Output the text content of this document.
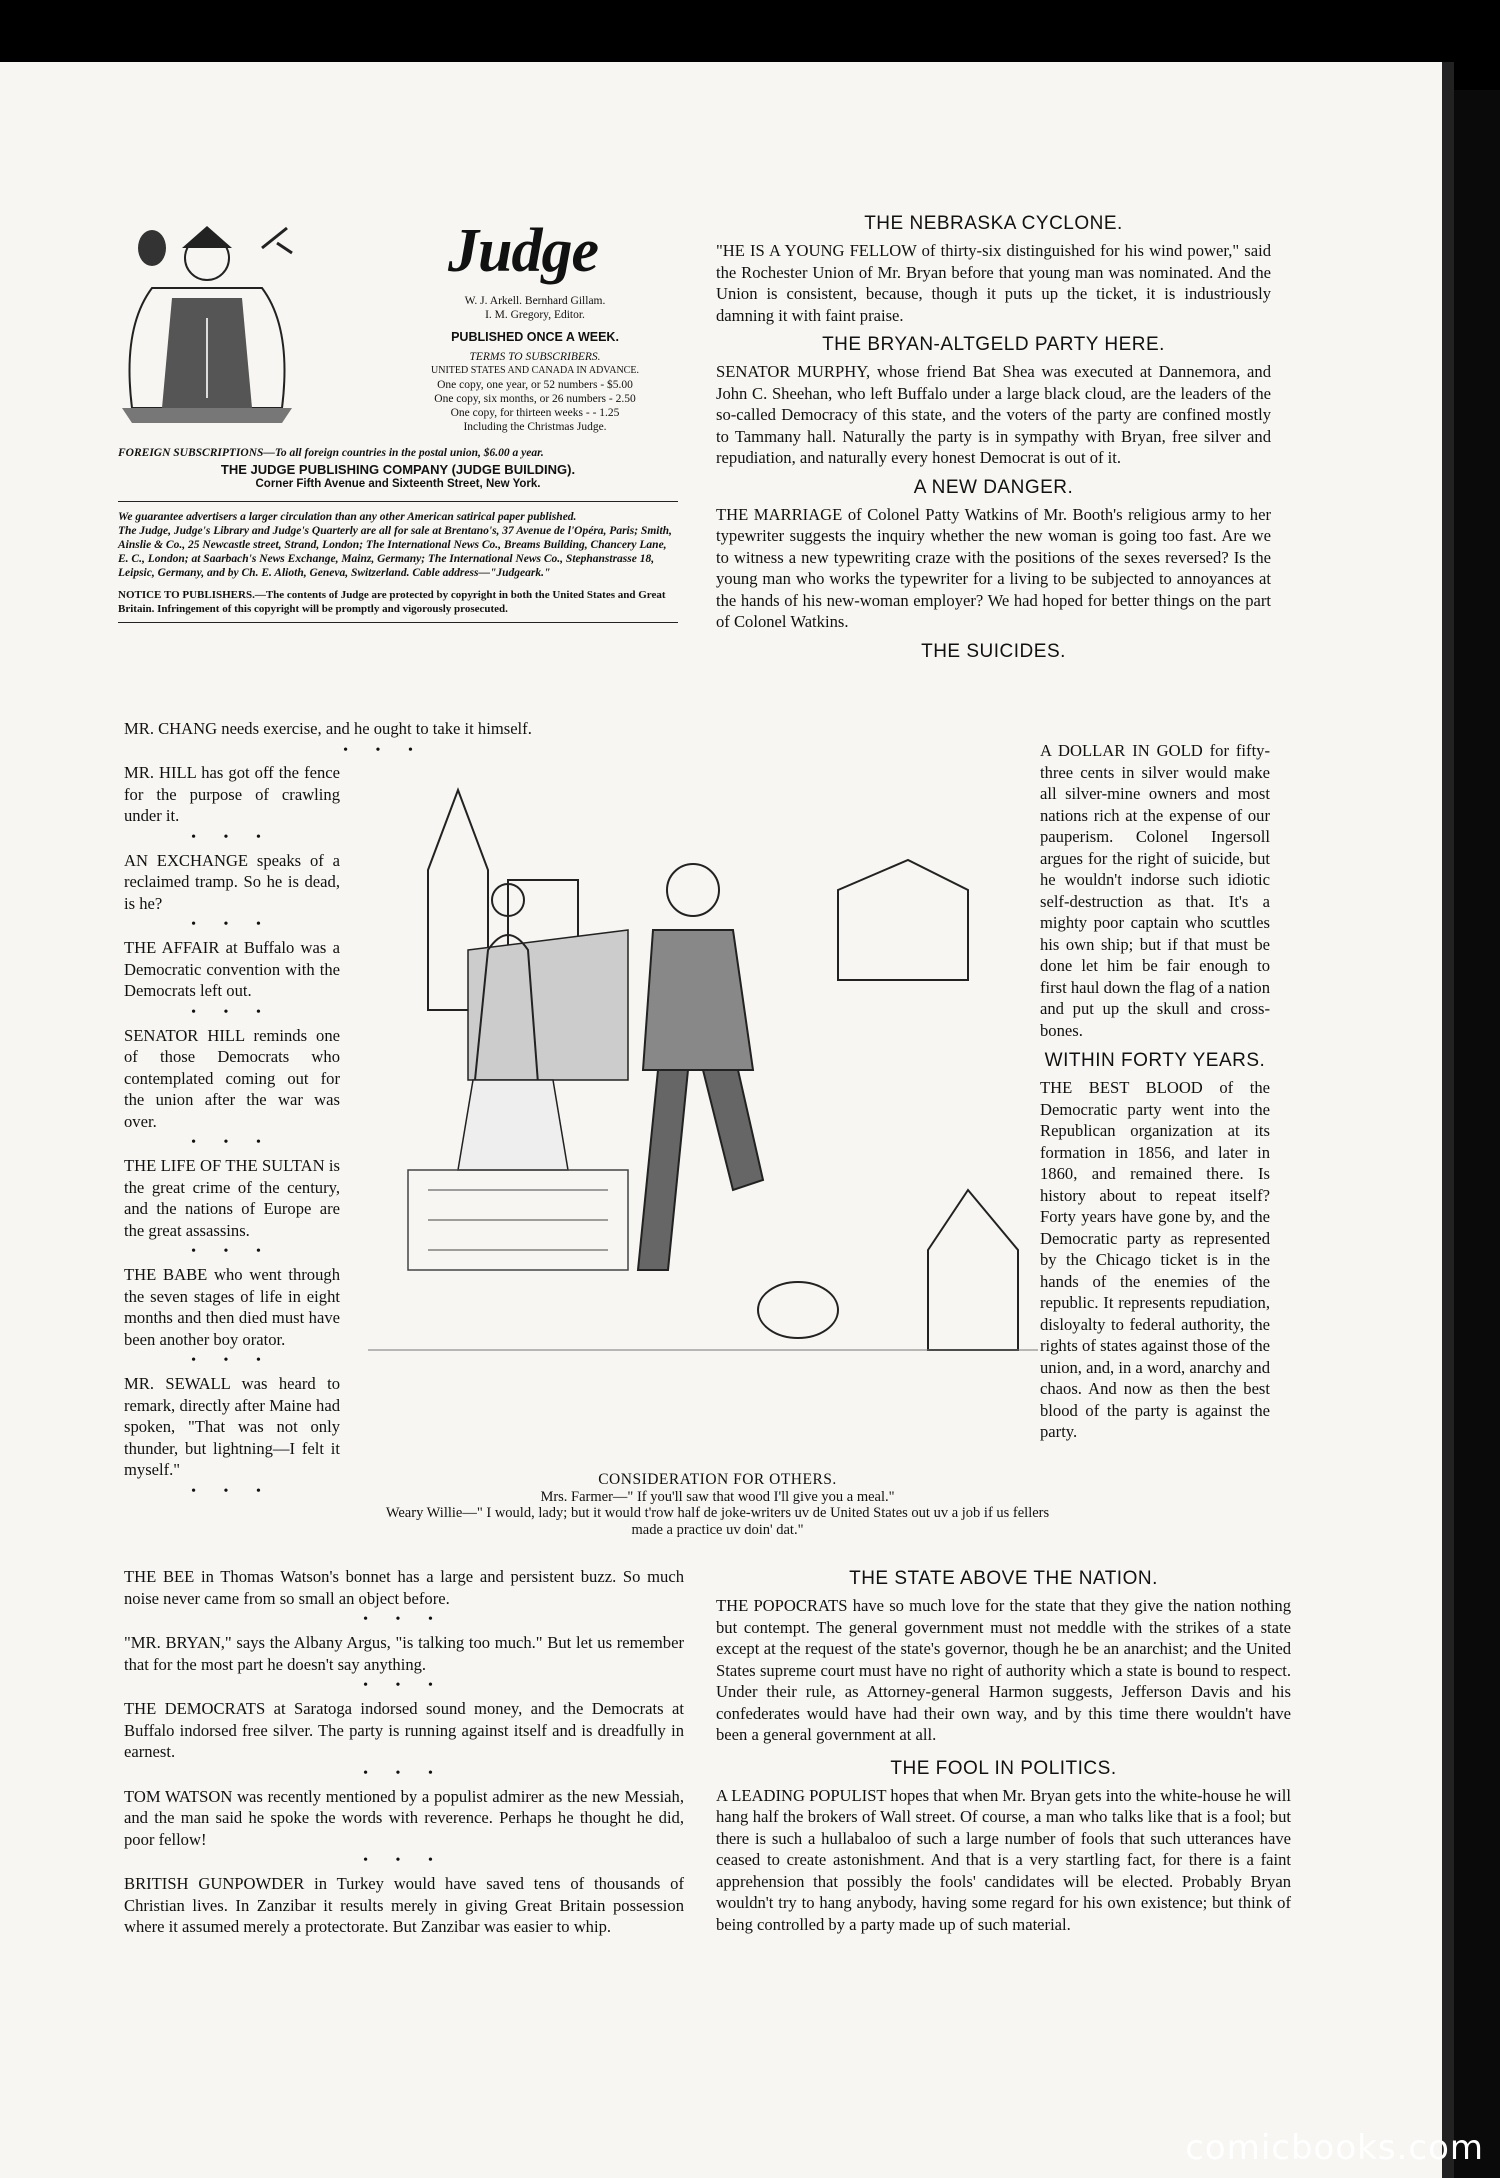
Judge
W. J. Arkell. Bernhard Gillam.
I. M. Gregory, Editor.
PUBLISHED ONCE A WEEK.
TERMS TO SUBSCRIBERS.
UNITED STATES AND CANADA IN ADVANCE.
One copy, one year, or 52 numbers - $5.00
One copy, six months, or 26 numbers - 2.50
One copy, for thirteen weeks - - 1.25
Including the Christmas Judge.
FOREIGN SUBSCRIPTIONS—To all foreign countries in the postal union, $6.00 a year.
THE JUDGE PUBLISHING COMPANY (JUDGE BUILDING).
Corner Fifth Avenue and Sixteenth Street, New York.
We guarantee advertisers a larger circulation than any other American satirical paper published.
The Judge, Judge's Library and Judge's Quarterly are all for sale at Brentano's, 37 Avenue de l'Opéra, Paris; Smith, Ainslie & Co., 25 Newcastle street, Strand, London; The International News Co., Breams Building, Chancery Lane, E. C., London; at Saarbach's News Exchange, Mainz, Germany; The International News Co., Stephanstrasse 18, Leipsic, Germany, and by Ch. E. Alioth, Geneva, Switzerland. Cable address—"Judgeark."
NOTICE TO PUBLISHERS.—The contents of Judge are protected by copyright in both the United States and Great Britain. Infringement of this copyright will be promptly and vigorously prosecuted.

MR. CHANG needs exercise, and he ought to take it himself.

• • •

MR. HILL has got off the fence for the purpose of crawling under it.

• • •

AN EXCHANGE speaks of a reclaimed tramp. So he is dead, is he?

• • •

THE AFFAIR at Buffalo was a Democratic convention with the Democrats left out.

• • •

SENATOR HILL reminds one of those Democrats who contemplated coming out for the union after the war was over.

• • •

THE LIFE OF THE SULTAN is the great crime of the century, and the nations of Europe are the great assassins.

• • •

THE BABE who went through the seven stages of life in eight months and then died must have been another boy orator.

• • •

MR. SEWALL was heard to remark, directly after Maine had spoken, "That was not only thunder, but lightning—I felt it myself."

• • •
CONSIDERATION FOR OTHERS.
Mrs. Farmer—" If you'll saw that wood I'll give you a meal."
Weary Willie—" I would, lady; but it would t'row half de joke-writers uv de United States out uv a job if us fellers made a practice uv doin' dat."
THE NEBRASKA CYCLONE.

"HE IS A YOUNG FELLOW of thirty-six distinguished for his wind power," said the Rochester Union of Mr. Bryan before that young man was nominated. And the Union is consistent, because, though it puts up the ticket, it is industriously damning it with faint praise.

THE BRYAN-ALTGELD PARTY HERE.

SENATOR MURPHY, whose friend Bat Shea was executed at Dannemora, and John C. Sheehan, who left Buffalo under a large black cloud, are the leaders of the so-called Democracy of this state, and the voters of the party are confined mostly to Tammany hall. Naturally the party is in sympathy with Bryan, free silver and repudiation, and naturally every honest Democrat is out of it.

A NEW DANGER.

THE MARRIAGE of Colonel Patty Watkins of Mr. Booth's religious army to her typewriter suggests the inquiry whether the new woman is going too fast. Are we to witness a new typewriting craze with the positions of the sexes reversed? Is the young man who works the typewriter for a living to be subjected to annoyances at the hands of his new-woman employer? We had hoped for better things on the part of Colonel Watkins.

THE SUICIDES.

A DOLLAR IN GOLD for fifty-three cents in silver would make all silver-mine owners and most nations rich at the expense of our pauperism. Colonel Ingersoll argues for the right of suicide, but he wouldn't indorse such idiotic self-destruction as that. It's a mighty poor captain who scuttles his own ship; but if that must be done let him be fair enough to first haul down the flag of a nation and put up the skull and cross-bones.

WITHIN FORTY YEARS.

THE BEST BLOOD of the Democratic party went into the Republican organization at its formation in 1856, and later in 1860, and remained there. Is history about to repeat itself? Forty years have gone by, and the Democratic party as represented by the Chicago ticket is in the hands of the enemies of the republic. It represents repudiation, disloyalty to federal authority, the rights of states against those of the union, and, in a word, anarchy and chaos. And now as then the best blood of the party is against the party.

THE BEE in Thomas Watson's bonnet has a large and persistent buzz. So much noise never came from so small an object before.

• • •

"MR. BRYAN," says the Albany Argus, "is talking too much." But let us remember that for the most part he doesn't say anything.

• • •

THE DEMOCRATS at Saratoga indorsed sound money, and the Democrats at Buffalo indorsed free silver. The party is running against itself and is dreadfully in earnest.

• • •

TOM WATSON was recently mentioned by a populist admirer as the new Messiah, and the man said he spoke the words with reverence. Perhaps he thought he did, poor fellow!

• • •

BRITISH GUNPOWDER in Turkey would have saved tens of thousands of Christian lives. In Zanzibar it results merely in giving Great Britain possession where it assumed merely a protectorate. But Zanzibar was easier to whip.

THE STATE ABOVE THE NATION.

THE POPOCRATS have so much love for the state that they give the nation nothing but contempt. The general government must not meddle with the strikes of a state except at the request of the state's governor, though he be an anarchist; and the United States supreme court must have no right of authority which a state is bound to respect. Under their rule, as Attorney-general Harmon suggests, Jefferson Davis and his confederates would have had their own way, and by this time there wouldn't have been a general government at all.

THE FOOL IN POLITICS.

A LEADING POPULIST hopes that when Mr. Bryan gets into the white-house he will hang half the brokers of Wall street. Of course, a man who talks like that is a fool; but there is such a hullabaloo of such a large number of fools that such utterances have ceased to create astonishment. And that is a very startling fact, for there is a faint apprehension that possibly the fools' candidates will be elected. Probably Bryan wouldn't try to hang anybody, having some regard for his own existence; but think of being controlled by a party made up of such material.

comicbooks.com
